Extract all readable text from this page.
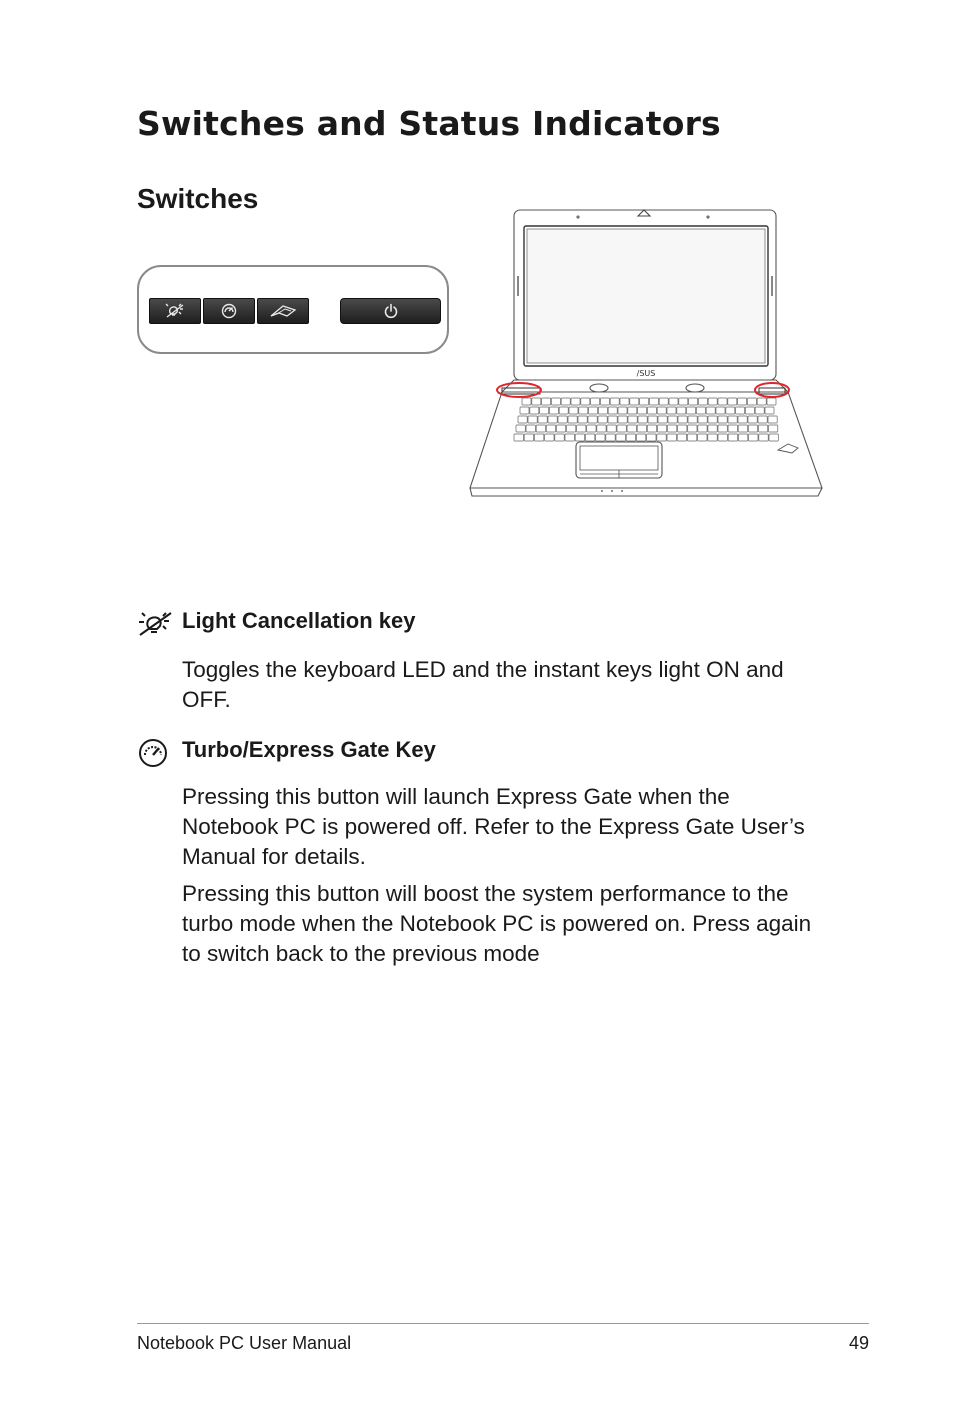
Switches and Status Indicators
Switches
/SUS
Light Cancellation key

Toggles the keyboard LED and the instant keys light ON and OFF.

Turbo/Express Gate Key

Pressing this button will launch Express Gate when the Notebook PC is powered off. Refer to the Express Gate User’s Manual for details.

Pressing this button will boost the system performance to the turbo mode when the Notebook PC is powered on. Press again to switch back to the previous mode

Notebook PC User Manual	49
